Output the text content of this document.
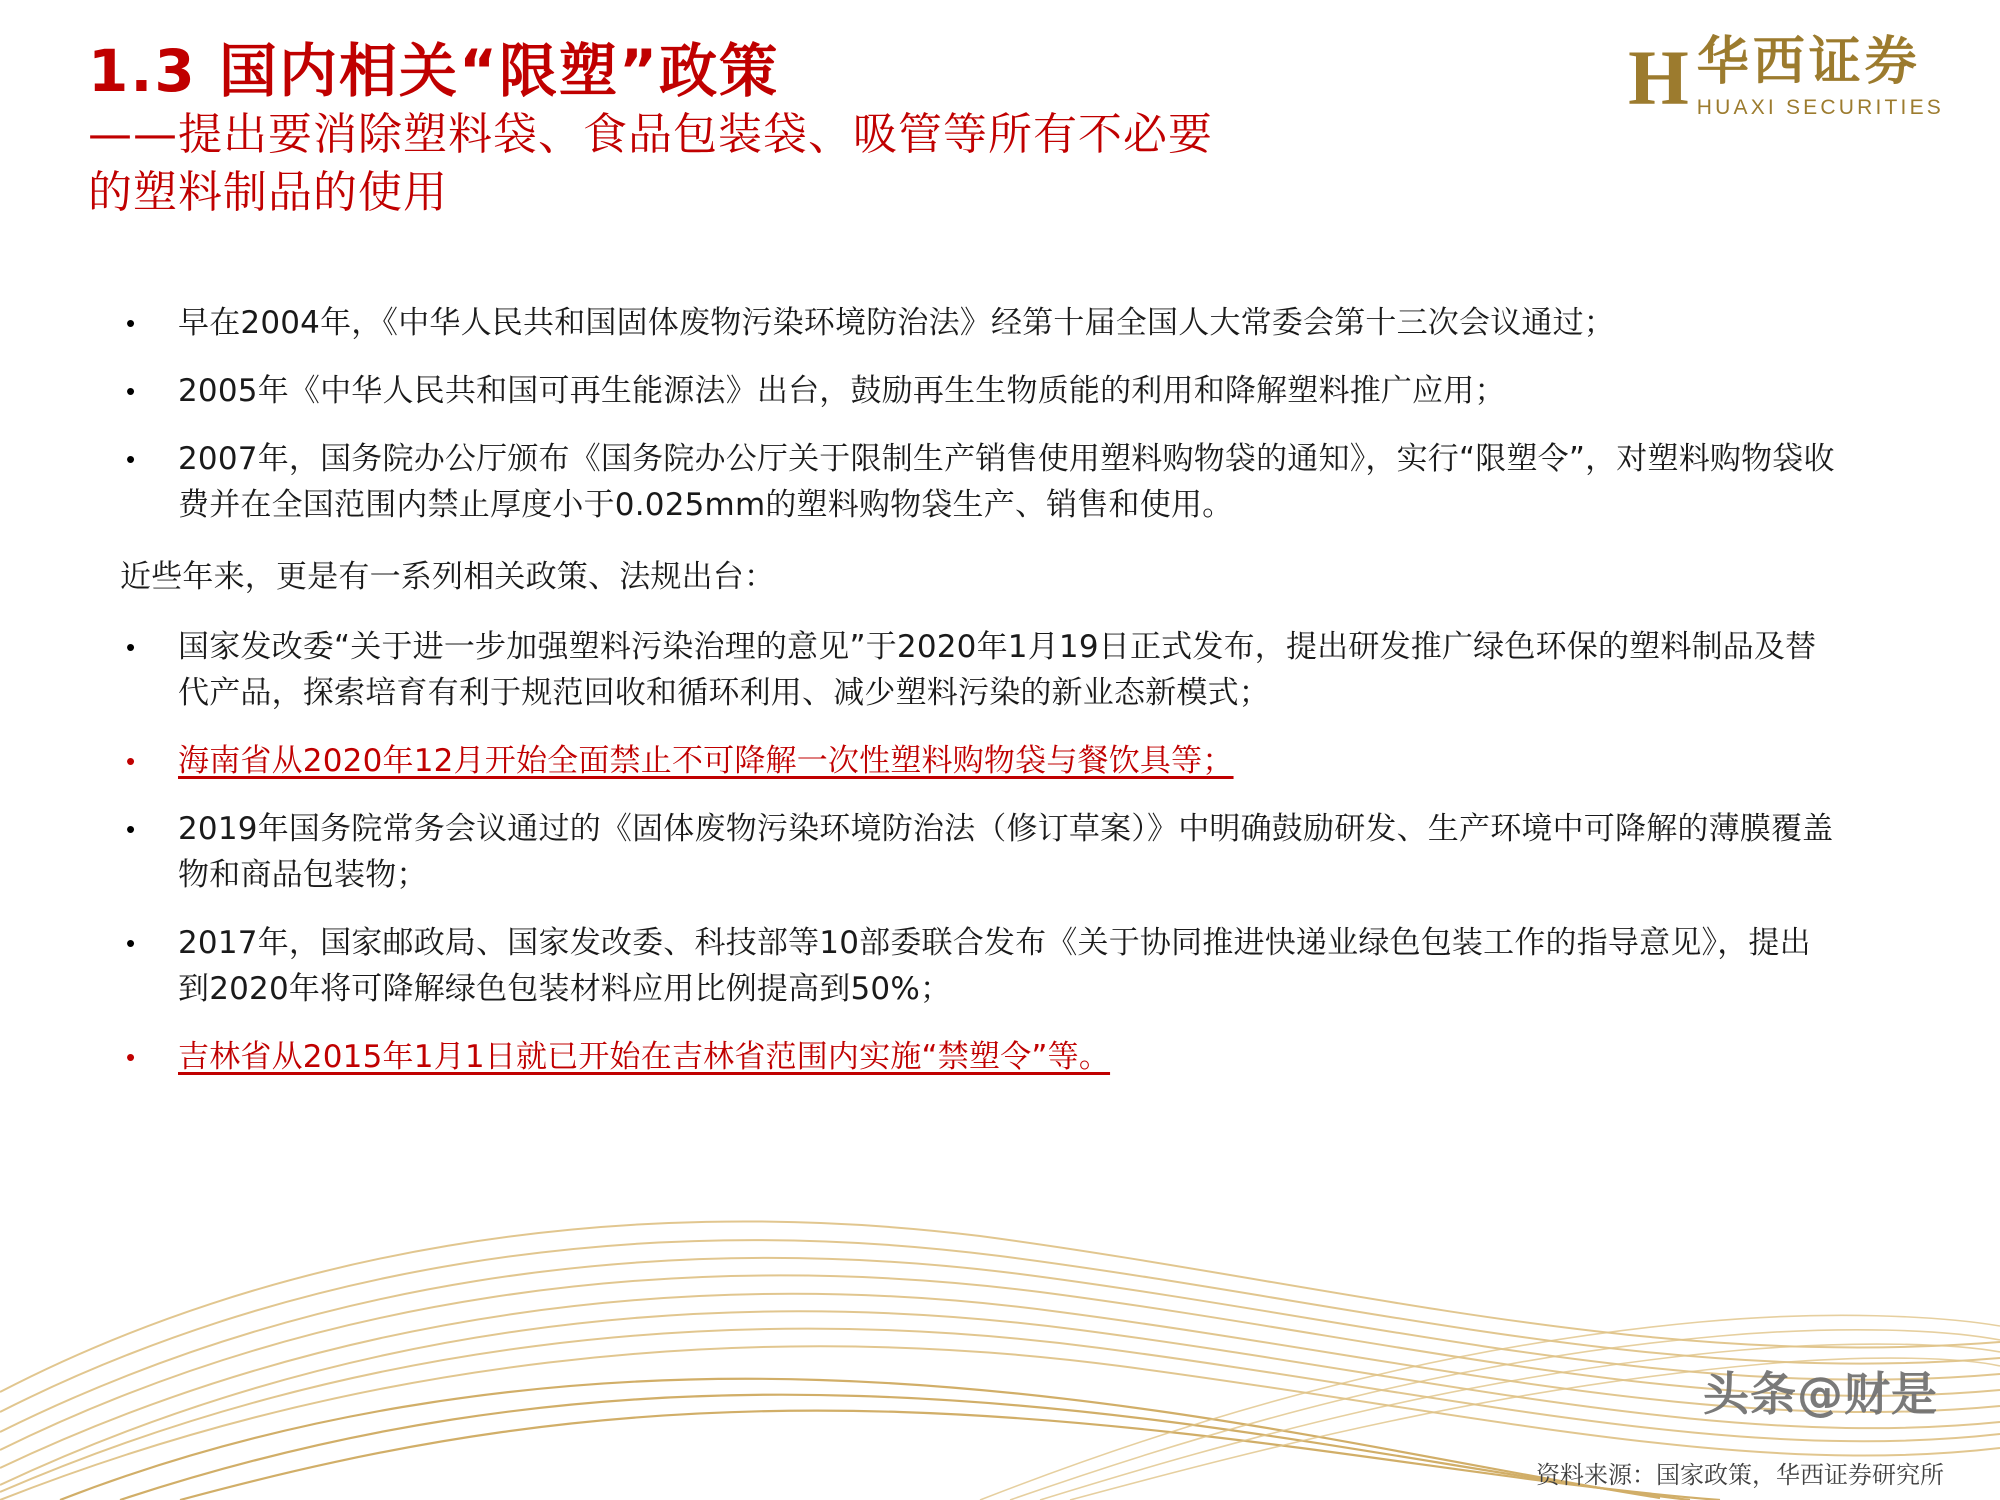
H 华西证券
HUAXI SECURITIES
1.3 国内相关“限塑”政策
——提出要消除塑料袋、食品包装袋、吸管等所有不必要
的塑料制品的使用
•	早在2004年，《中华人民共和国固体废物污染环境防治法》经第十届全国人大常委会第十三次会议通过；
•	2005年《中华人民共和国可再生能源法》出台，鼓励再生生物质能的利用和降解塑料推广应用；
•	2007年，国务院办公厅颁布《国务院办公厅关于限制生产销售使用塑料购物袋的通知》，实行“限塑令”，对塑料购物袋收费并在全国范围内禁止厚度小于0.025mm的塑料购物袋生产、销售和使用。
近些年来，更是有一系列相关政策、法规出台：
•	国家发改委“关于进一步加强塑料污染治理的意见”于2020年1月19日正式发布，提出研发推广绿色环保的塑料制品及替代产品，探索培育有利于规范回收和循环利用、减少塑料污染的新业态新模式；
•	海南省从2020年12月开始全面禁止不可降解一次性塑料购物袋与餐饮具等；
•	2019年国务院常务会议通过的《固体废物污染环境防治法（修订草案）》中明确鼓励研发、生产环境中可降解的薄膜覆盖物和商品包装物；
•	2017年，国家邮政局、国家发改委、科技部等10部委联合发布《关于协同推进快递业绿色包装工作的指导意见》，提出到2020年将可降解绿色包装材料应用比例提高到50%；
•	吉林省从2015年1月1日就已开始在吉林省范围内实施“禁塑令”等。
头条@财是
资料来源：国家政策，华西证券研究所
